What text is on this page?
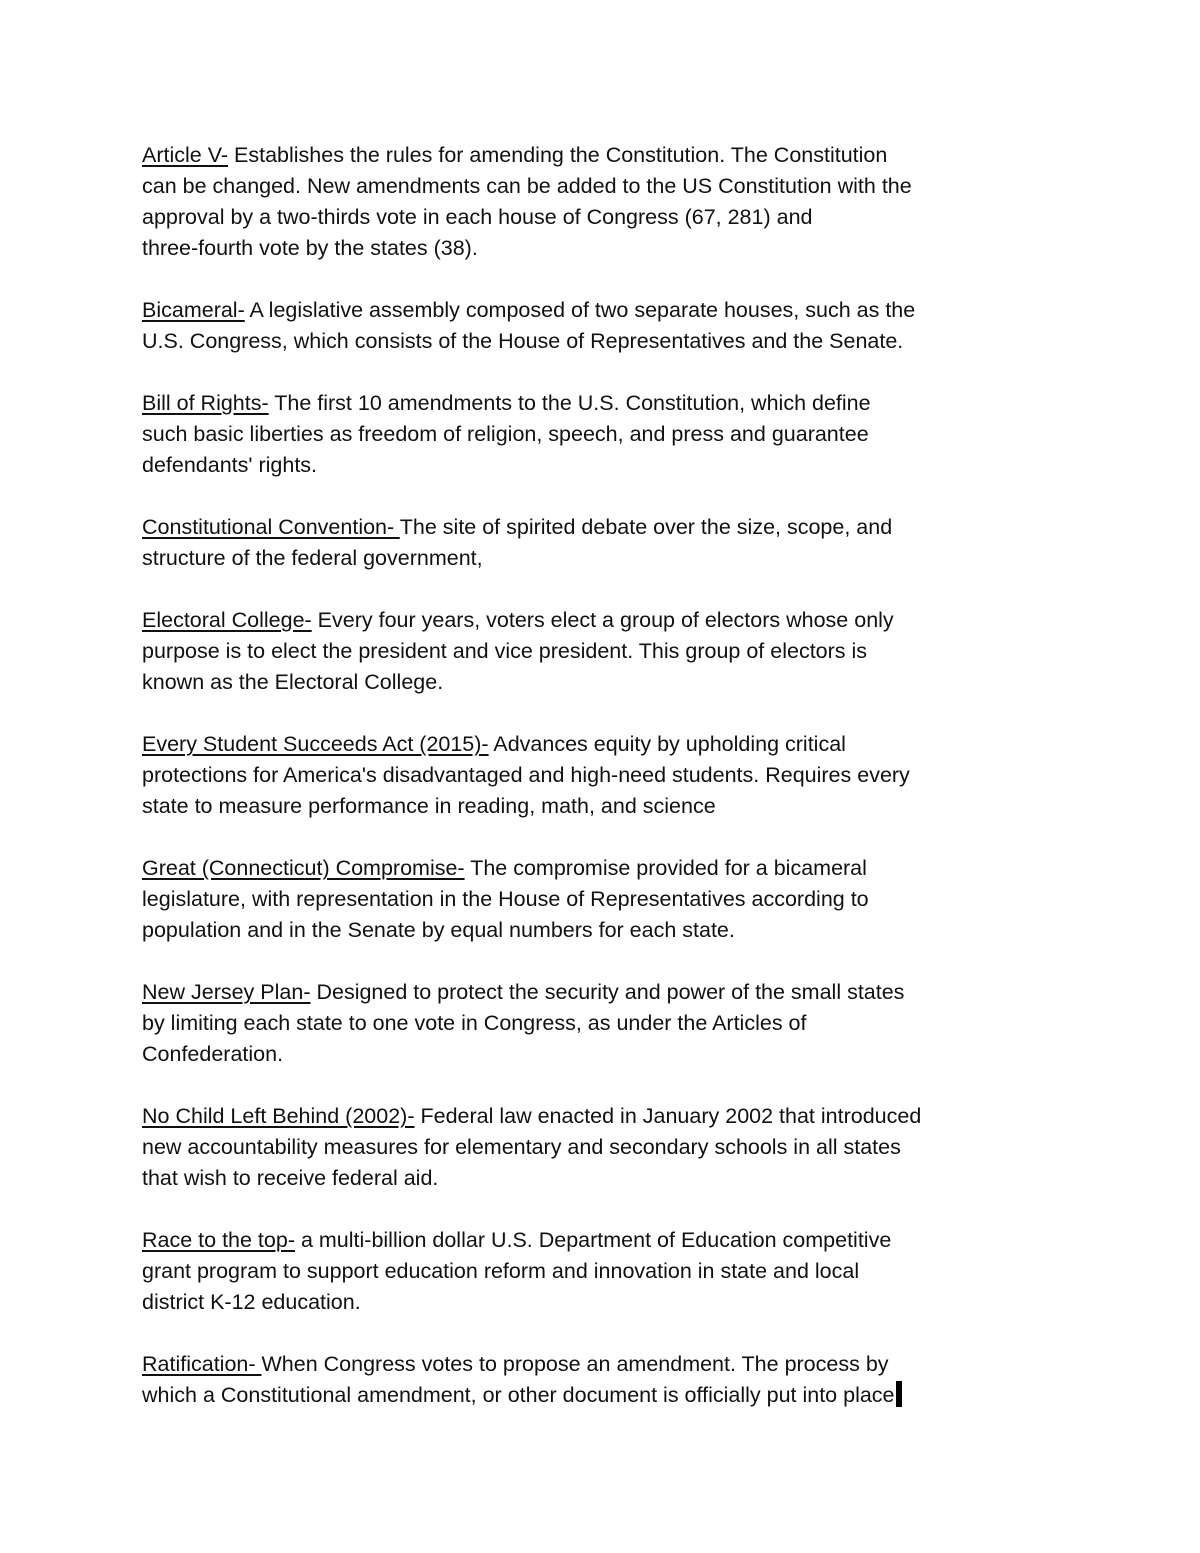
Article V- Establishes the rules for amending the Constitution. The Constitution
can be changed. New amendments can be added to the US Constitution with the
approval by a two-thirds vote in each house of Congress (67, 281) and
three-fourth vote by the states (38).
Bicameral- A legislative assembly composed of two separate houses, such as the
U.S. Congress, which consists of the House of Representatives and the Senate.
Bill of Rights- The first 10 amendments to the U.S. Constitution, which define
such basic liberties as freedom of religion, speech, and press and guarantee
defendants' rights.
Constitutional Convention- The site of spirited debate over the size, scope, and
structure of the federal government,
Electoral College- Every four years, voters elect a group of electors whose only
purpose is to elect the president and vice president. This group of electors is
known as the Electoral College.
Every Student Succeeds Act (2015)- Advances equity by upholding critical
protections for America's disadvantaged and high-need students. Requires every
state to measure performance in reading, math, and science
Great (Connecticut) Compromise- The compromise provided for a bicameral
legislature, with representation in the House of Representatives according to
population and in the Senate by equal numbers for each state.
New Jersey Plan- Designed to protect the security and power of the small states
by limiting each state to one vote in Congress, as under the Articles of
Confederation.
No Child Left Behind (2002)- Federal law enacted in January 2002 that introduced
new accountability measures for elementary and secondary schools in all states
that wish to receive federal aid.
Race to the top- a multi-billion dollar U.S. Department of Education competitive
grant program to support education reform and innovation in state and local
district K-12 education.
Ratification- When Congress votes to propose an amendment. The process by
which a Constitutional amendment, or other document is officially put into place
